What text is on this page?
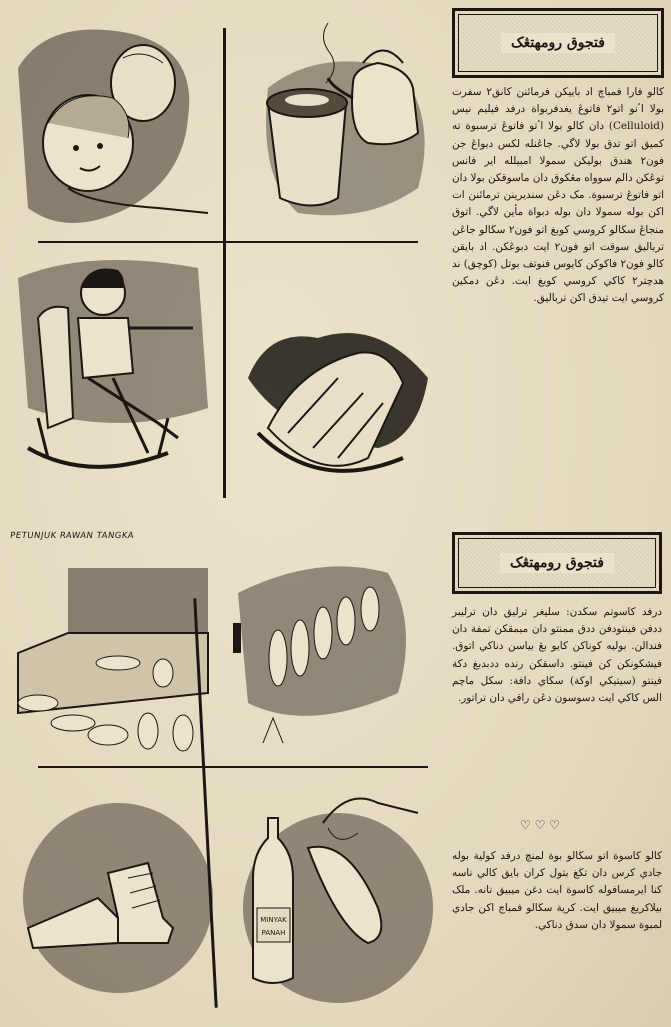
PETUNJUK RAWAN TANGKA
MINYAK
PANAH
فتجوق رومهتڠک
کالو فارا فمباچ اد بايیکن فرمائنن کانق٢ سفرت بولا اٴنو اتو٢ فاتوڠ يغدفربواة درفد فيليم نيس (Celluloid) دان کالو بولا اٴتو فاتوڠ ترسبوة ته کميق اتو تدق بولا لاگي. جاڠنله لکس دبواڠ جن فون٢ هندق بوليکن سمولا امبيلله اير فانس توڠکن دالم سوواه مڠکوق دان ماسوقکن بولا دان اتو فاتوڠ ترسبوة. مک دڠن سنديرينن ترمائنن ات اکن بوله سمولا دان بوله دبواة مأين لاگي. اتوق منجاڠ سڬالو کروسي کوبغ اتو فون٢ سڬالو جاڠن ترباليق سوقت اتو فون٢ ايت دبوڠکن. اد بايقن کالو فون٢ فاکوکن کايوس فنوتف بوتل (کوچق) ند هدچتر٢ کاکي کروسي کوبغ ايت. دڠن دمکين کروسي ايت تيدق اکن ترباليق.
فتجوق رومهتڠک
درفد کاسوتم سڬدن: سليغر ترليق دان ترليبر ددفن فينتودفن ددق ممنتو دان ميمقکن تمفة دان فندالن. بوليه کوناکن کايو بڠ بياسن دناکي اتوق. فيشکونکن کن فينتو. داسقکن رنده ددبدبغ دکة فينتو (سيتيکي اوکة) سڬاي دافة: سکل ماچم الس کاکي ايت دسوسون دڠن راقي دان تراتور.
♡ ♡ ♡
کالو کاسوة اتو سڬالو بوة لمنچ درفد کولية بوله جادي کرس دان تڬغ بتول کران بايق کالي ناسه کنا ايرمسافوله کاسوة ايت دغن ميبيق تانه. ملک بيلاکريغ ميبيق ايت. کرية سڬالو فمباچ اکن جادي لمبوة سمولا دان سدق دناکي.
